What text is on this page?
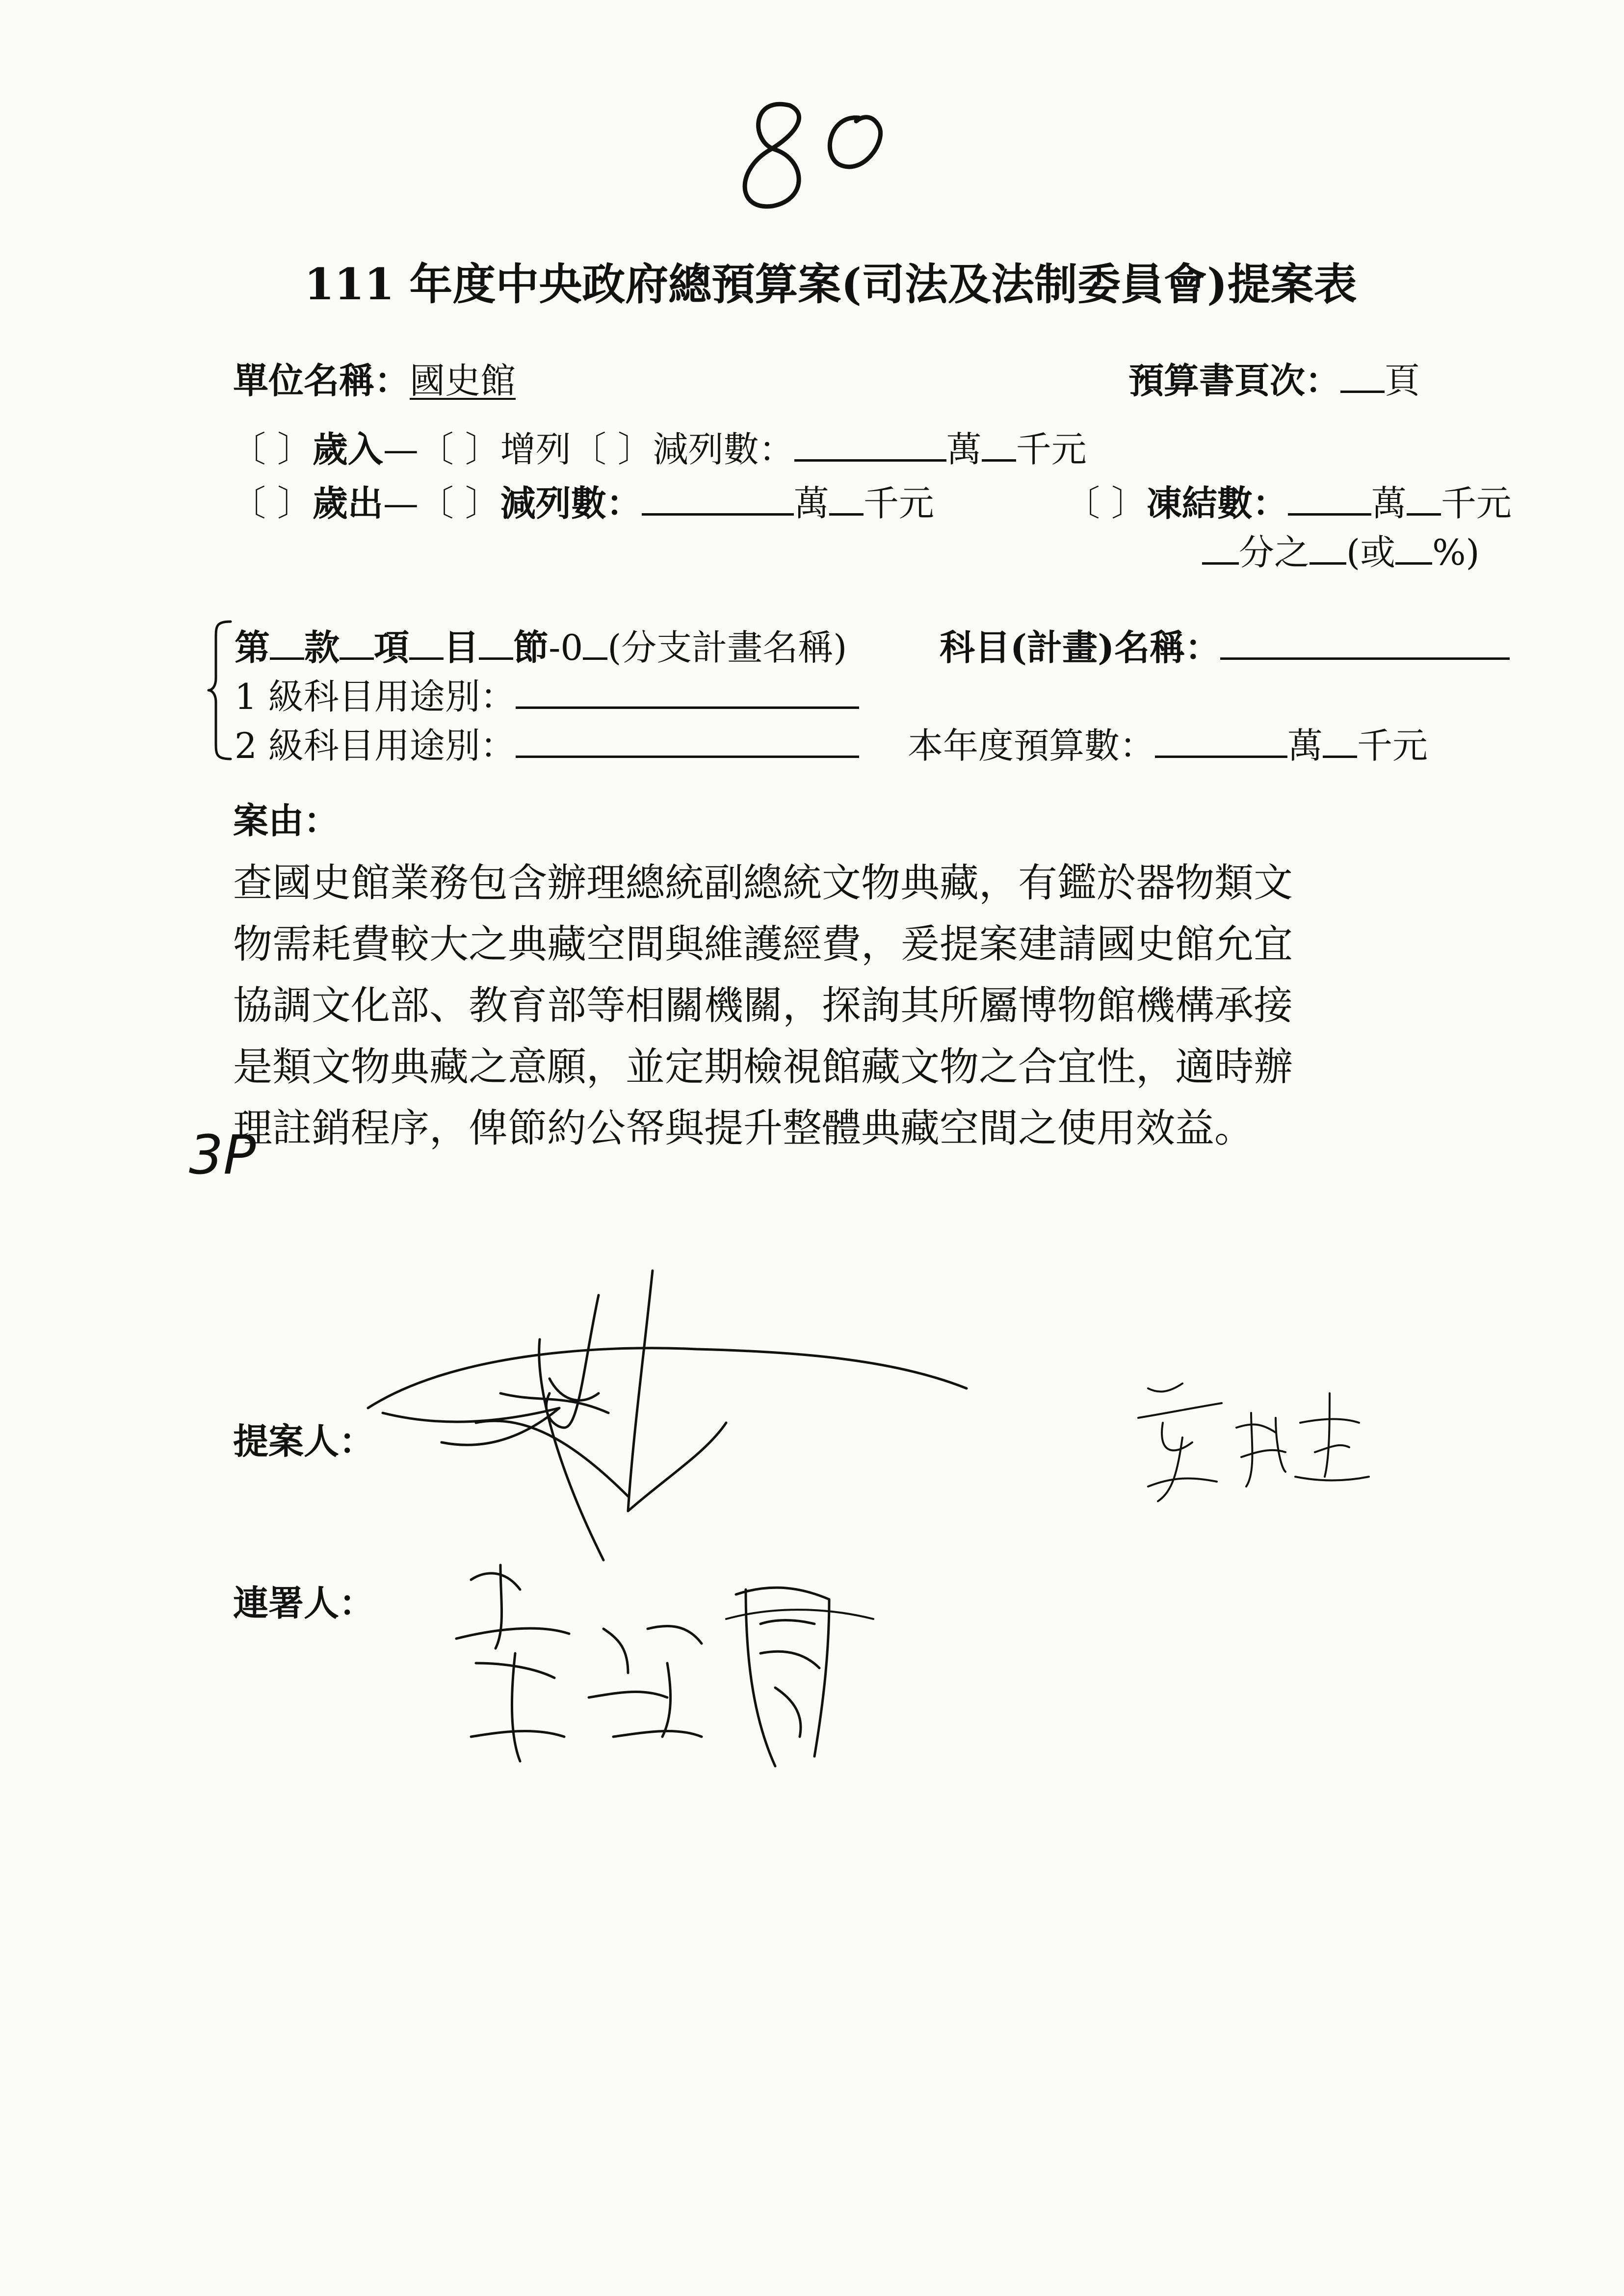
111 年度中央政府總預算案(司法及法制委員會)提案表
單位名稱：國史館	預算書頁次： 頁
〔 〕歲入—〔 〕增列〔 〕減列數：	萬 千元
〔 〕歲出—〔 〕減列數：	萬 千元	〔 〕凍結數： 萬 千元
分之 (或 %)
第 款 項 目 節-0 (分支計畫名稱)	科目(計畫)名稱：
1 級科目用途別：
2 級科目用途別：	本年度預算數：	萬 千元
案由：
查國史館業務包含辦理總統副總統文物典藏，有鑑於器物類文
物需耗費較大之典藏空間與維護經費，爰提案建請國史館允宜
協調文化部、教育部等相關機關，探詢其所屬博物館機構承接
是類文物典藏之意願，並定期檢視館藏文物之合宜性，適時辦
理註銷程序，俾節約公帑與提升整體典藏空間之使用效益。
3P
提案人：
連署人：
